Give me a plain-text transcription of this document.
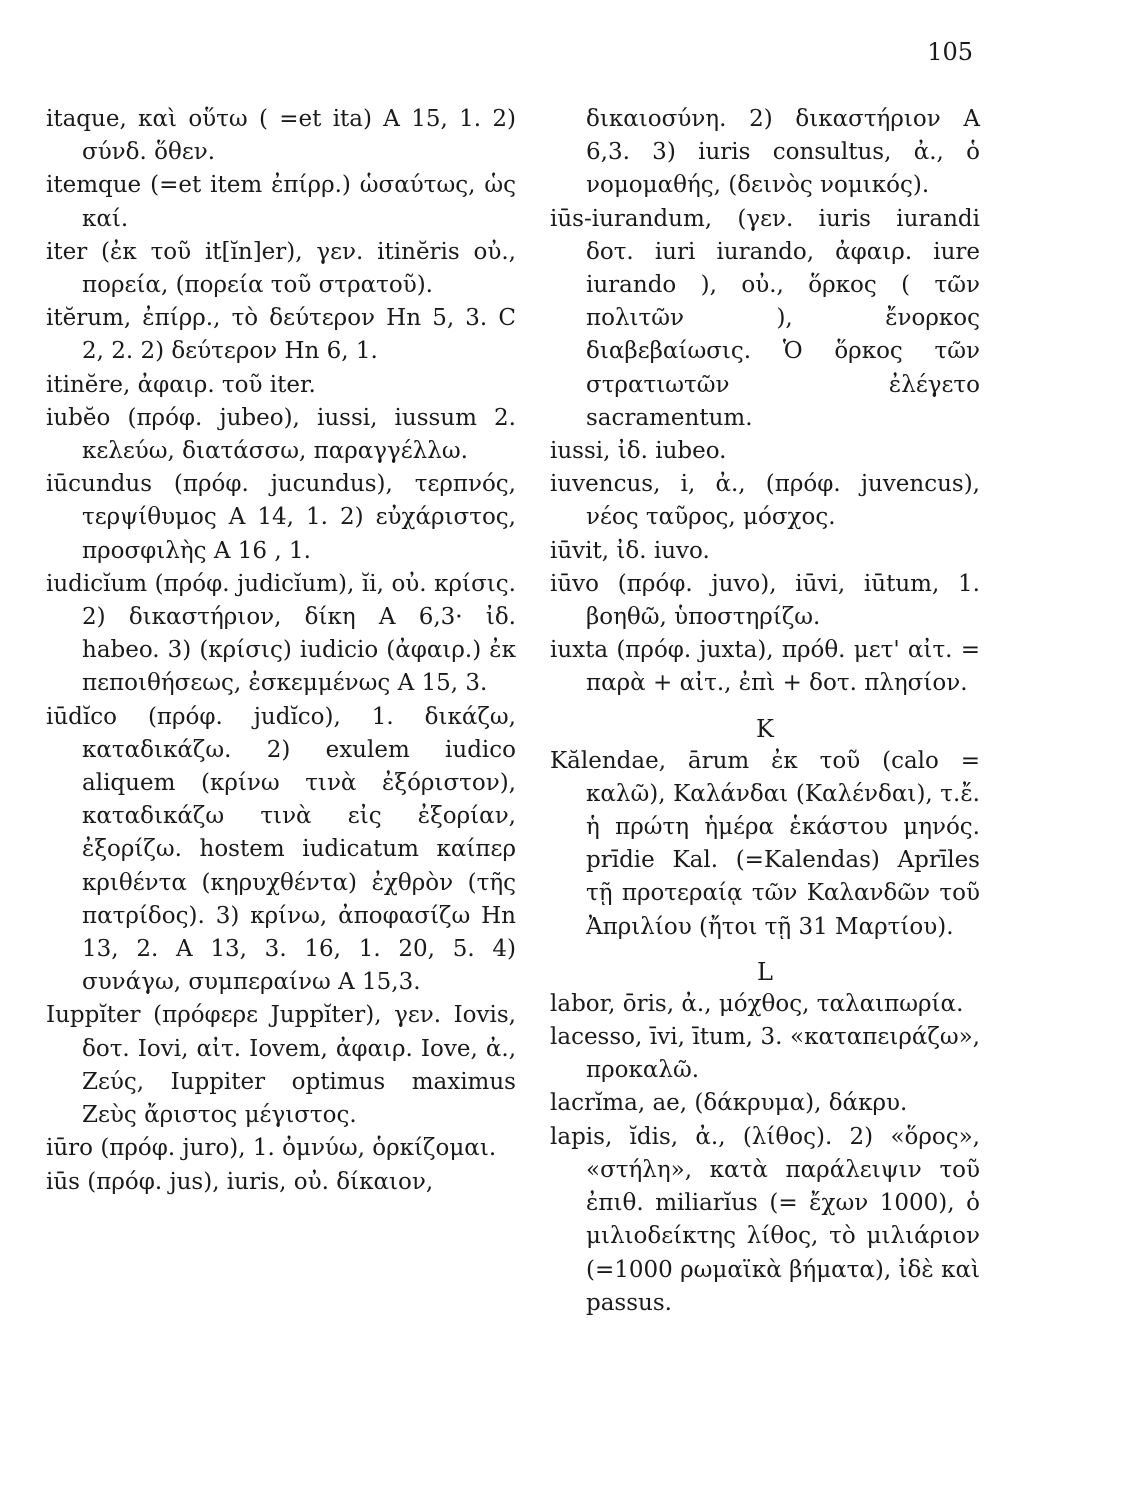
105

itaque, καὶ οὕτω ( =et ita) A 15, 1. 2) σύνδ. ὅθεν.

itemque (=et item ἐπίρρ.) ὡσαύτως, ὡς καί.

iter (ἐκ τοῦ it[ĭn]er), γεν. itinĕris οὐ., πορεία, (πορεία τοῦ στρατοῦ).

itĕrum, ἐπίρρ., τὸ δεύτερον Hn 5, 3. C 2, 2. 2) δεύτερον Hn 6, 1.

itinĕre, ἀφαιρ. τοῦ iter.

iubĕo (πρόφ. jubeo), iussi, iussum 2. κελεύω, διατάσσω, παραγγέλλω.

iūcundus (πρόφ. jucundus), τερπνός, τερψίθυμος A 14, 1. 2) εὐχάριστος, προσφιλὴς A 16 , 1.

iudicĭum (πρόφ. judicĭum), ĭi, οὐ. κρίσις. 2) δικαστήριον, δίκη A 6,3· ἰδ. habeo. 3) (κρίσις) iudicio (ἀφαιρ.) ἐκ πεποιθήσεως, ἐσκεμμένως A 15, 3.

iūdĭco (πρόφ. judĭco), 1. δικάζω, καταδικάζω. 2) exulem iudico aliquem (κρίνω τινὰ ἐξόριστον), καταδικάζω τινὰ εἰς ἐξορίαν, ἐξορίζω. hostem iudicatum καίπερ κριθέντα (κηρυχθέντα) ἐχθρὸν (τῆς πατρίδος). 3) κρίνω, ἀποφασίζω Hn 13, 2. A 13, 3. 16, 1. 20, 5. 4) συνάγω, συμπεραίνω A 15,3.

Iuppĭter (πρόφερε Juppĭter), γεν. Iovis, δοτ. Iovi, αἰτ. Iovem, ἀφαιρ. Iove, ἀ., Ζεύς, Iuppiter optimus maximus Ζεὺς ἄριστος μέγιστος.

iūro (πρόφ. juro), 1. ὀμνύω, ὁρκίζομαι.

iūs (πρόφ. jus), iuris, οὐ. δίκαιον,

δικαιοσύνη. 2) δικαστήριον A 6,3. 3) iuris consultus, ἀ., ὁ νομομαθής, (δεινὸς νομικός).

iūs-iurandum, (γεν. iuris iurandi δοτ. iuri iurando, ἀφαιρ. iure iurando ), οὐ., ὅρκος ( τῶν πολιτῶν ), ἔνορκος διαβεβαίωσις. Ὁ ὅρκος τῶν στρατιωτῶν ἐλέγετο sacramentum.

iussi, ἰδ. iubeo.

iuvencus, i, ἀ., (πρόφ. juvencus), νέος ταῦρος, μόσχος.

iūvit, ἰδ. iuvo.

iūvo (πρόφ. juvo), iūvi, iūtum, 1. βοηθῶ, ὑποστηρίζω.

iuxta (πρόφ. juxta), πρόθ. μετ' αἰτ. = παρὰ + αἰτ., ἐπὶ + δοτ. πλησίον.

K

Kălendae, ārum ἐκ τοῦ (calo = καλῶ), Καλάνδαι (Καλένδαι), τ.ἔ. ἡ πρώτη ἡμέρα ἑκάστου μηνός. prīdie Kal. (=Kalendas) Aprīles τῇ προτεραίᾳ τῶν Καλανδῶν τοῦ Ἀπριλίου (ἤτοι τῇ 31 Μαρτίου).

L

labor, ōris, ἀ., μόχθος, ταλαιπωρία.

lacesso, īvi, ītum, 3. «καταπειράζω», προκαλῶ.

lacrĭma, ae, (δάκρυμα), δάκρυ.

lapis, ĭdis, ἀ., (λίθος). 2) «ὅρος», «στήλη», κατὰ παράλειψιν τοῦ ἐπιθ. miliarĭus (= ἔχων 1000), ὁ μιλιοδείκτης λίθος, τὸ μιλιάριον (=1000 ρωμαϊκὰ βήματα), ἰδὲ καὶ passus.
